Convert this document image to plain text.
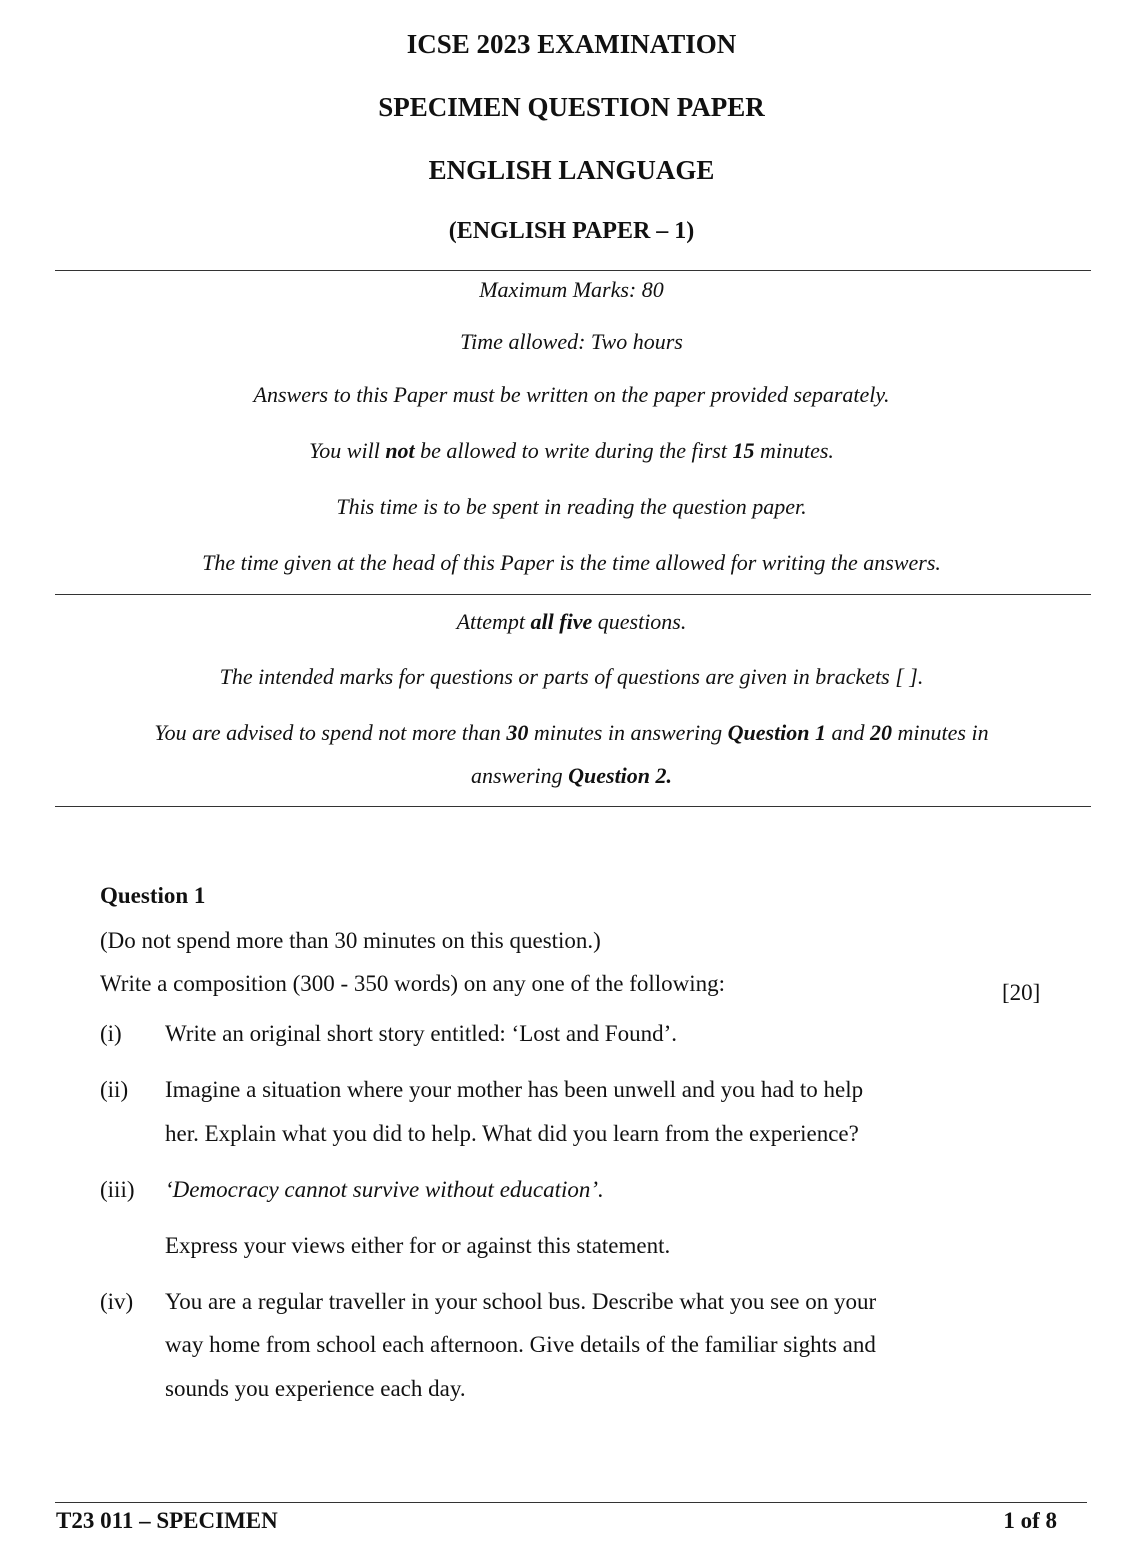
ICSE 2023 EXAMINATION
SPECIMEN QUESTION PAPER
ENGLISH LANGUAGE
(ENGLISH PAPER – 1)
Maximum Marks: 80
Time allowed: Two hours
Answers to this Paper must be written on the paper provided separately.
You will not be allowed to write during the first 15 minutes.
This time is to be spent in reading the question paper.
The time given at the head of this Paper is the time allowed for writing the answers.
Attempt all five questions.
The intended marks for questions or parts of questions are given in brackets [ ].
You are advised to spend not more than 30 minutes in answering Question 1 and 20 minutes in
answering Question 2.
Question 1
(Do not spend more than 30 minutes on this question.)
Write a composition (300 - 350 words) on any one of the following:	[20]
(i) Write an original short story entitled: ‘Lost and Found’.
(ii) Imagine a situation where your mother has been unwell and you had to help
her. Explain what you did to help. What did you learn from the experience?
(iii) ‘Democracy cannot survive without education’.
Express your views either for or against this statement.
(iv) You are a regular traveller in your school bus. Describe what you see on your
way home from school each afternoon. Give details of the familiar sights and
sounds you experience each day.
T23 011 – SPECIMEN	1 of 8
